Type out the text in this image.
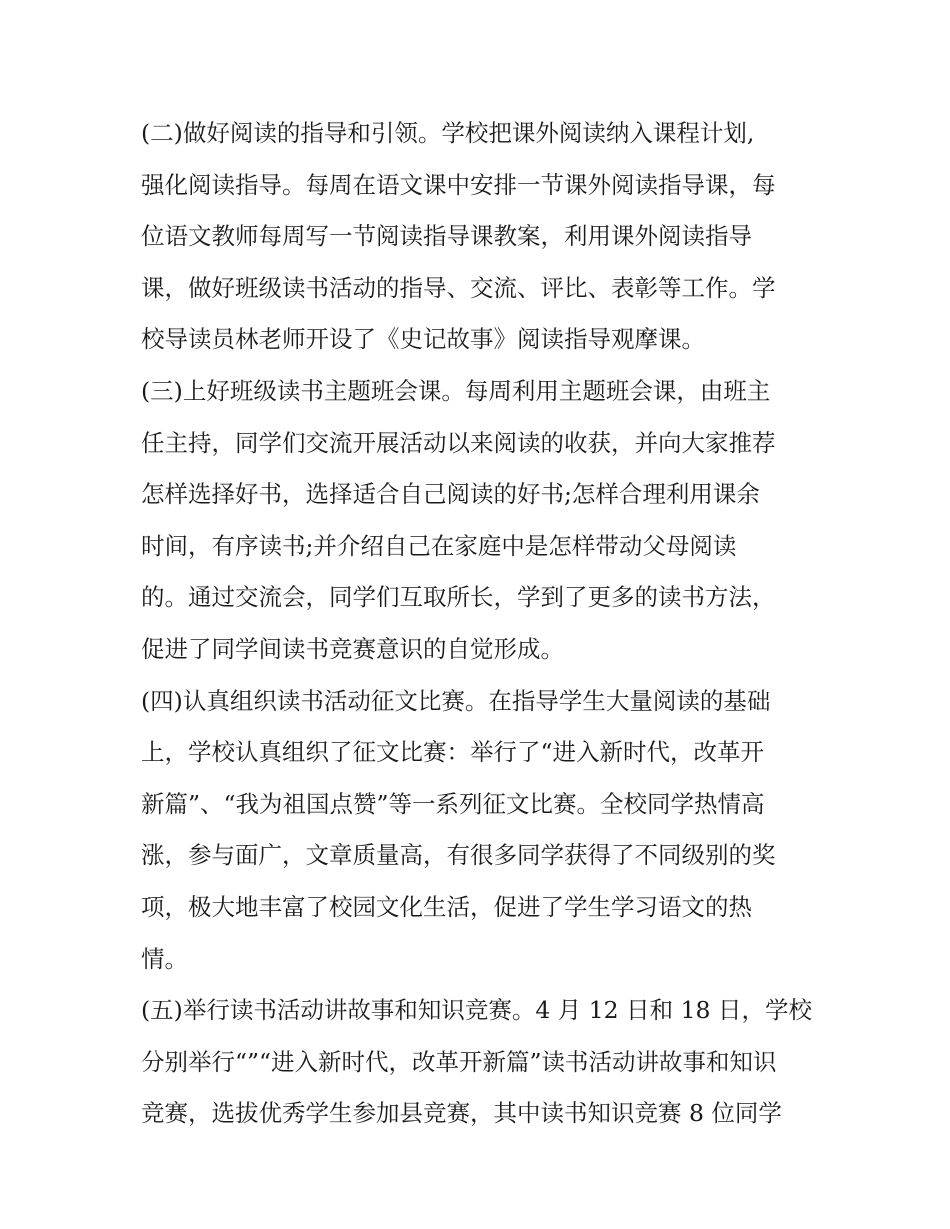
(二)做好阅读的指导和引领。学校把课外阅读纳入课程计划,
强化阅读指导。每周在语文课中安排一节课外阅读指导课，每
位语文教师每周写一节阅读指导课教案，利用课外阅读指导
课，做好班级读书活动的指导、交流、评比、表彰等工作。学
校导读员林老师开设了《史记故事》阅读指导观摩课。
(三)上好班级读书主题班会课。每周利用主题班会课，由班主
任主持，同学们交流开展活动以来阅读的收获，并向大家推荐
怎样选择好书，选择适合自己阅读的好书;怎样合理利用课余
时间，有序读书;并介绍自己在家庭中是怎样带动父母阅读
的。通过交流会，同学们互取所长，学到了更多的读书方法，
促进了同学间读书竞赛意识的自觉形成。
(四)认真组织读书活动征文比赛。在指导学生大量阅读的基础
上，学校认真组织了征文比赛：举行了“进入新时代，改革开
新篇”、“我为祖国点赞”等一系列征文比赛。全校同学热情高
涨，参与面广，文章质量高，有很多同学获得了不同级别的奖
项，极大地丰富了校园文化生活，促进了学生学习语文的热
情。
(五)举行读书活动讲故事和知识竞赛。4 月 12 日和 18 日，学校
分别举行“”“进入新时代，改革开新篇”读书活动讲故事和知识
竞赛，选拔优秀学生参加县竞赛，其中读书知识竞赛 8 位同学
